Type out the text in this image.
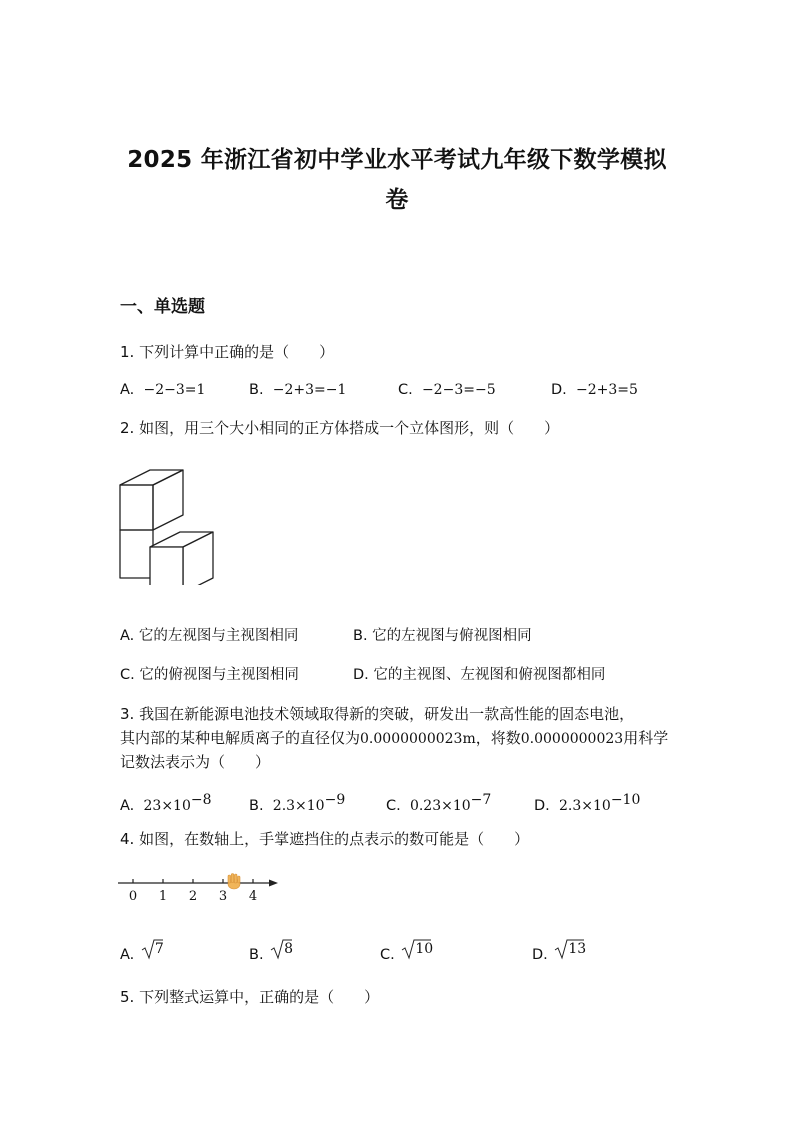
2025 年浙江省初中学业水平考试九年级下数学模拟
卷
一、单选题
1. 下列计算中正确的是（　　）
A. −2−3=1	B. −2+3=−1	C. −2−3=−5	D. −2+3=5
2. 如图，用三个大小相同的正方体搭成一个立体图形，则（　　）
A. 它的左视图与主视图相同	B. 它的左视图与俯视图相同
C. 它的俯视图与主视图相同	D. 它的主视图、左视图和俯视图都相同
3. 我国在新能源电池技术领域取得新的突破，研发出一款高性能的固态电池，
其内部的某种电解质离子的直径仅为0.0000000023m，将数0.0000000023用科学
记数法表示为（　　）
A. $23\times 10^{-8}$	B. $2.3\times 10^{-9}$	C. $0.23\times 10^{-7}$	D. $2.3\times 10^{-10}$
4. 如图，在数轴上，手掌遮挡住的点表示的数可能是（　　）
0 1 2 3 4
A. 7	B. 8	C. 10	D. 13
5. 下列整式运算中，正确的是（　　）
